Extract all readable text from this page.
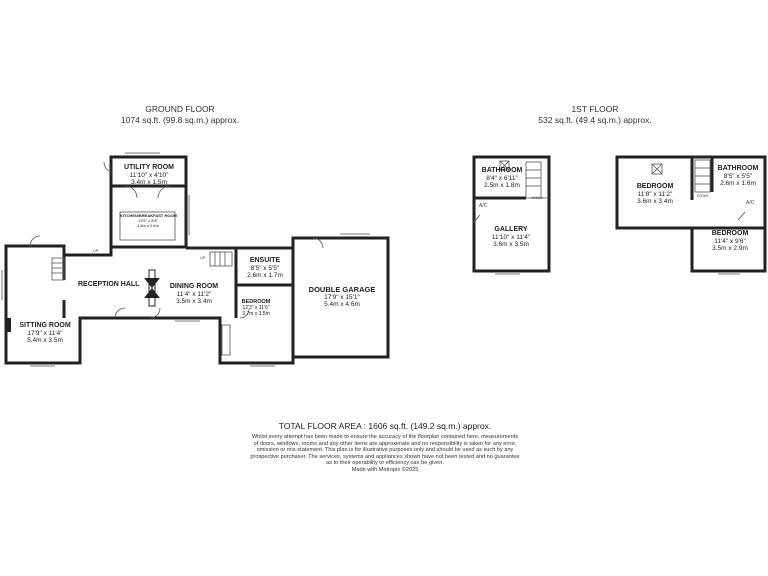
GROUND FLOOR
1074 sq.ft. (99.8 sq.m.) approx.
1ST FLOOR
532 sq.ft. (49.4 sq.m.) approx.
UTILITY ROOM
11'10" x 4'10"
3.4m x 1.5m
KITCHEN/BREAKFAST ROOM
15'5" x 8'8"
4.6m x 2.6m
RECEPTION HALL
SITTING ROOM
17'9" x 11'4"
5.4m x 3.5m
DINING ROOM
11'4" x 11'2"
3.5m x 3.4m
ENSUITE
8'5" x 5'5"
2.6m x 1.7m
BEDROOM
12'3" x 11'6"
3.7m x 3.5m
DOUBLE GARAGE
17'9" x 15'1"
5.4m x 4.6m
UP
UP
BATHROOM
8'4" x 6'11"
2.5m x 1.8m
GALLERY
11'10" x 11'4"
3.6m x 3.5m
BEDROOM
11'8" x 11'2"
3.6m x 3.4m
BATHROOM
8'5" x 5'5"
2.6m x 1.6m
BEDROOM
11'4" x 9'6"
3.5m x 2.9m
A/C	A/C
DOWN	DOWN
TOTAL FLOOR AREA : 1606 sq.ft. (149.2 sq.m.) approx.
Whilst every attempt has been made to ensure the accuracy of the floorplan contained here, measurements
of doors, windows, rooms and any other items are approximate and no responsibility is taken for any error,
omission or mis-statement. This plan is for illustrative purposes only and should be used as such by any
prospective purchaser. The services, systems and appliances shown have not been tested and no guarantee
as to their operability or efficiency can be given.
Made with Metropix ©2025
